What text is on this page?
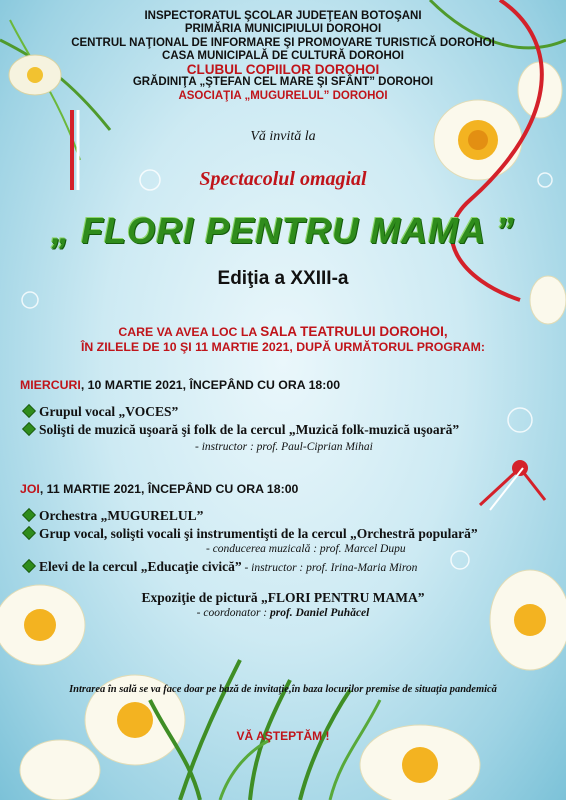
INSPECTORATUL ŞCOLAR JUDEŢEAN BOTOŞANI
PRIMĂRIA MUNICIPIULUI DOROHOI
CENTRUL NAŢIONAL DE INFORMARE ŞI PROMOVARE TURISTICĂ DOROHOI
CASA MUNICIPALĂ DE CULTURĂ DOROHOI
CLUBUL COPIILOR DOROHOI
GRĂDINIŢA „ŞTEFAN CEL MARE ŞI SFÂNT” DOROHOI
ASOCIAŢIA „MUGURELUL” DOROHOI
Vă invită la
Spectacolul omagial
„ FLORI PENTRU MAMA ”
Ediţia a XXIII-a
CARE VA AVEA LOC LA SALA TEATRULUI DOROHOI,
ÎN ZILELE DE 10 ŞI 11 MARTIE 2021, DUPĂ URMĂTORUL PROGRAM:
MIERCURI, 10 MARTIE 2021, ÎNCEPÂND CU ORA 18:00
Grupul vocal „VOCES”
Solişti de muzică uşoară şi folk de la cercul „Muzică folk-muzică uşoară”
- instructor : prof. Paul-Ciprian Mihai
JOI, 11 MARTIE 2021, ÎNCEPÂND CU ORA 18:00
Orchestra „MUGURELUL”
Grup vocal, solişti vocali şi instrumentişti de la cercul „Orchestră populară”
- conducerea muzicală : prof. Marcel Dupu
Elevi de la cercul „Educaţie civică” - instructor : prof. Irina-Maria Miron
Expoziţie de pictură „FLORI PENTRU MAMA”
- coordonator : prof. Daniel Puhăcel
Intrarea în sală se va face doar pe bază de invitaţie,în baza locurilor premise de situaţia pandemică
VĂ AŞTEPTĂM !
